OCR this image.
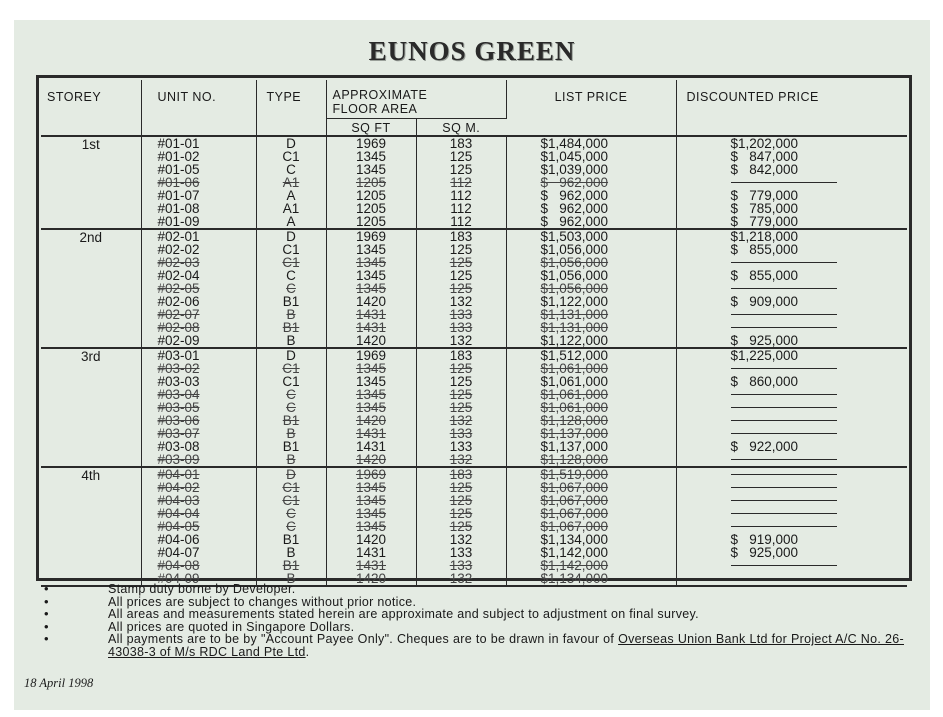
EUNOS GREEN
STOREY	UNIT NO.	TYPE	APPROXIMATE
FLOOR AREA		LIST PRICE	DISCOUNTED PRICE
			SQ FT	SQ M.		
1st	#01-01	D	1969	183	$1,484,000	$1,202,000
	#01-02	C1	1345	125	$1,045,000	$   847,000
	#01-05	C	1345	125	$1,039,000	$   842,000
	#01-06	A1	1205	112	$   962,000	
	#01-07	A	1205	112	$   962,000	$   779,000
	#01-08	A1	1205	112	$   962,000	$   785,000
	#01-09	A	1205	112	$   962,000	$   779,000
2nd	#02-01	D	1969	183	$1,503,000	$1,218,000
	#02-02	C1	1345	125	$1,056,000	$   855,000
	#02-03	C1	1345	125	$1,056,000	
	#02-04	C	1345	125	$1,056,000	$   855,000
	#02-05	C	1345	125	$1,056,000	
	#02-06	B1	1420	132	$1,122,000	$   909,000
	#02-07	B	1431	133	$1,131,000	
	#02-08	B1	1431	133	$1,131,000	
	#02-09	B	1420	132	$1,122,000	$   925,000
3rd	#03-01	D	1969	183	$1,512,000	$1,225,000
	#03-02	C1	1345	125	$1,061,000	
	#03-03	C1	1345	125	$1,061,000	$   860,000
	#03-04	C	1345	125	$1,061,000	
	#03-05	C	1345	125	$1,061,000	
	#03-06	B1	1420	132	$1,128,000	
	#03-07	B	1431	133	$1,137,000	
	#03-08	B1	1431	133	$1,137,000	$   922,000
	#03-09	B	1420	132	$1,128,000	
4th	#04-01	D	1969	183	$1,519,000	
	#04-02	C1	1345	125	$1,067,000	
	#04-03	C1	1345	125	$1,067,000	
	#04-04	C	1345	125	$1,067,000	
	#04-05	C	1345	125	$1,067,000	
	#04-06	B1	1420	132	$1,134,000	$   919,000
	#04-07	B	1431	133	$1,142,000	$   925,000
	#04-08	B1	1431	133	$1,142,000	
	#04-09	B	1420	132	$1,134,000	
• Stamp duty borne by Developer.
• All prices are subject to changes without prior notice.
• All areas and measurements stated herein are approximate and subject to adjustment on final survey.
• All prices are quoted in Singapore Dollars.
• All payments are to be by "Account Payee Only". Cheques are to be drawn in favour of Overseas Union Bank Ltd for Project A/C No. 26-43038-3 of M/s RDC Land Pte Ltd.
18 April 1998
